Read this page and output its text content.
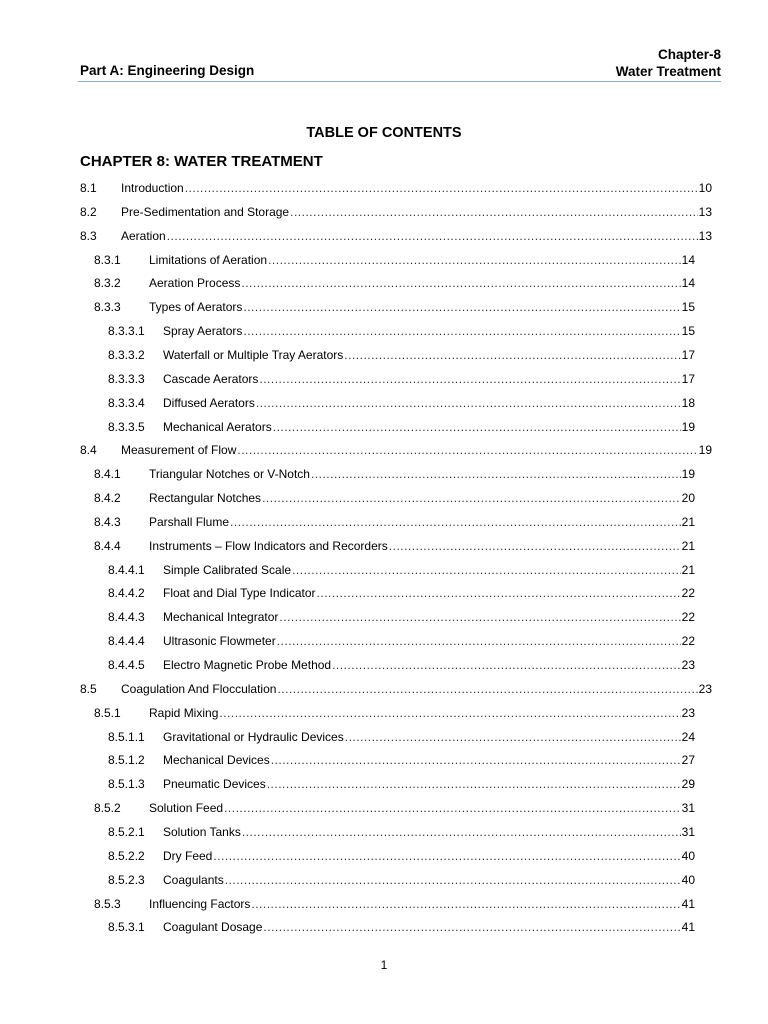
Part A: Engineering Design
Chapter-8
Water Treatment
TABLE OF CONTENTS
CHAPTER 8: WATER TREATMENT
8.1	Introduction .....	10
8.2	Pre-Sedimentation and Storage .....	13
8.3	Aeration .....	13
8.3.1	Limitations of Aeration .....	14
8.3.2	Aeration Process .....	14
8.3.3	Types of Aerators .....	15
8.3.3.1	Spray Aerators .....	15
8.3.3.2	Waterfall or Multiple Tray Aerators .....	17
8.3.3.3	Cascade Aerators .....	17
8.3.3.4	Diffused Aerators .....	18
8.3.3.5	Mechanical Aerators .....	19
8.4	Measurement of Flow .....	19
8.4.1	Triangular Notches or V-Notch .....	19
8.4.2	Rectangular Notches .....	20
8.4.3	Parshall Flume .....	21
8.4.4	Instruments – Flow Indicators and Recorders .....	21
8.4.4.1	Simple Calibrated Scale .....	21
8.4.4.2	Float and Dial Type Indicator .....	22
8.4.4.3	Mechanical Integrator .....	22
8.4.4.4	Ultrasonic Flowmeter .....	22
8.4.4.5	Electro Magnetic Probe Method .....	23
8.5	Coagulation And Flocculation .....	23
8.5.1	Rapid Mixing .....	23
8.5.1.1	Gravitational or Hydraulic Devices .....	24
8.5.1.2	Mechanical Devices .....	27
8.5.1.3	Pneumatic Devices .....	29
8.5.2	Solution Feed .....	31
8.5.2.1	Solution Tanks .....	31
8.5.2.2	Dry Feed .....	40
8.5.2.3	Coagulants .....	40
8.5.3	Influencing Factors .....	41
8.5.3.1	Coagulant Dosage .....	41
1
